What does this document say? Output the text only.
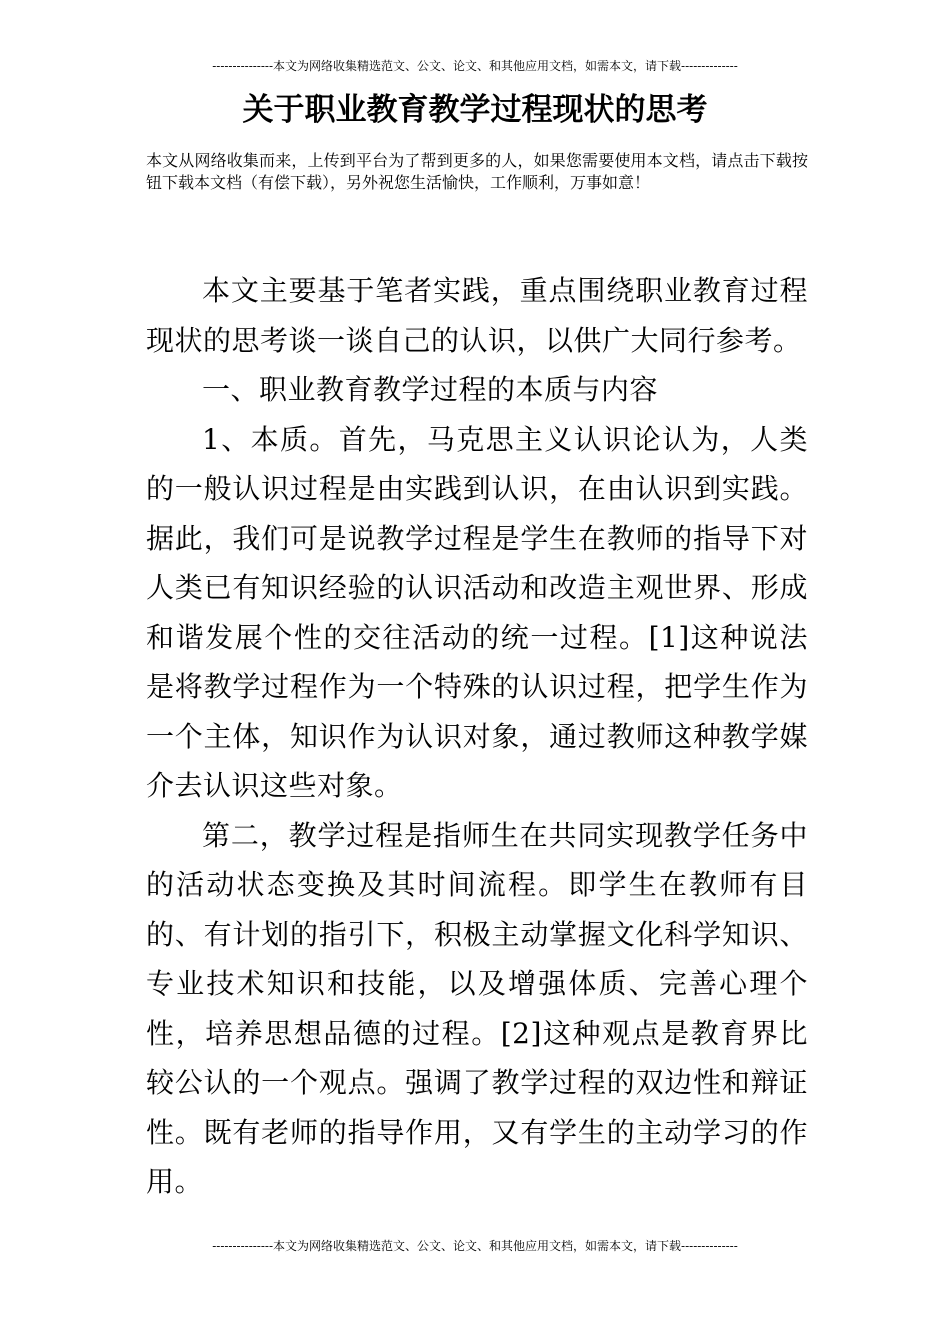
---------------本文为网络收集精选范文、公文、论文、和其他应用文档，如需本文，请下载--------------
关于职业教育教学过程现状的思考

本文从网络收集而来，上传到平台为了帮到更多的人，如果您需要使用本文档，请点击下载按钮下载本文档（有偿下载），另外祝您生活愉快，工作顺利，万事如意！

本文主要基于笔者实践，重点围绕职业教育过程现状的思考谈一谈自己的认识，以供广大同行参考。

一、职业教育教学过程的本质与内容

1、本质。首先，马克思主义认识论认为，人类的一般认识过程是由实践到认识，在由认识到实践。据此，我们可是说教学过程是学生在教师的指导下对人类已有知识经验的认识活动和改造主观世界、形成和谐发展个性的交往活动的统一过程。[1]这种说法是将教学过程作为一个特殊的认识过程，把学生作为一个主体，知识作为认识对象，通过教师这种教学媒介去认识这些对象。

第二，教学过程是指师生在共同实现教学任务中的活动状态变换及其时间流程。即学生在教师有目的、有计划的指引下，积极主动掌握文化科学知识、专业技术知识和技能，以及增强体质、完善心理个性，培养思想品德的过程。[2]这种观点是教育界比较公认的一个观点。强调了教学过程的双边性和辩证性。既有老师的指导作用，又有学生的主动学习的作用。

---------------本文为网络收集精选范文、公文、论文、和其他应用文档，如需本文，请下载--------------
